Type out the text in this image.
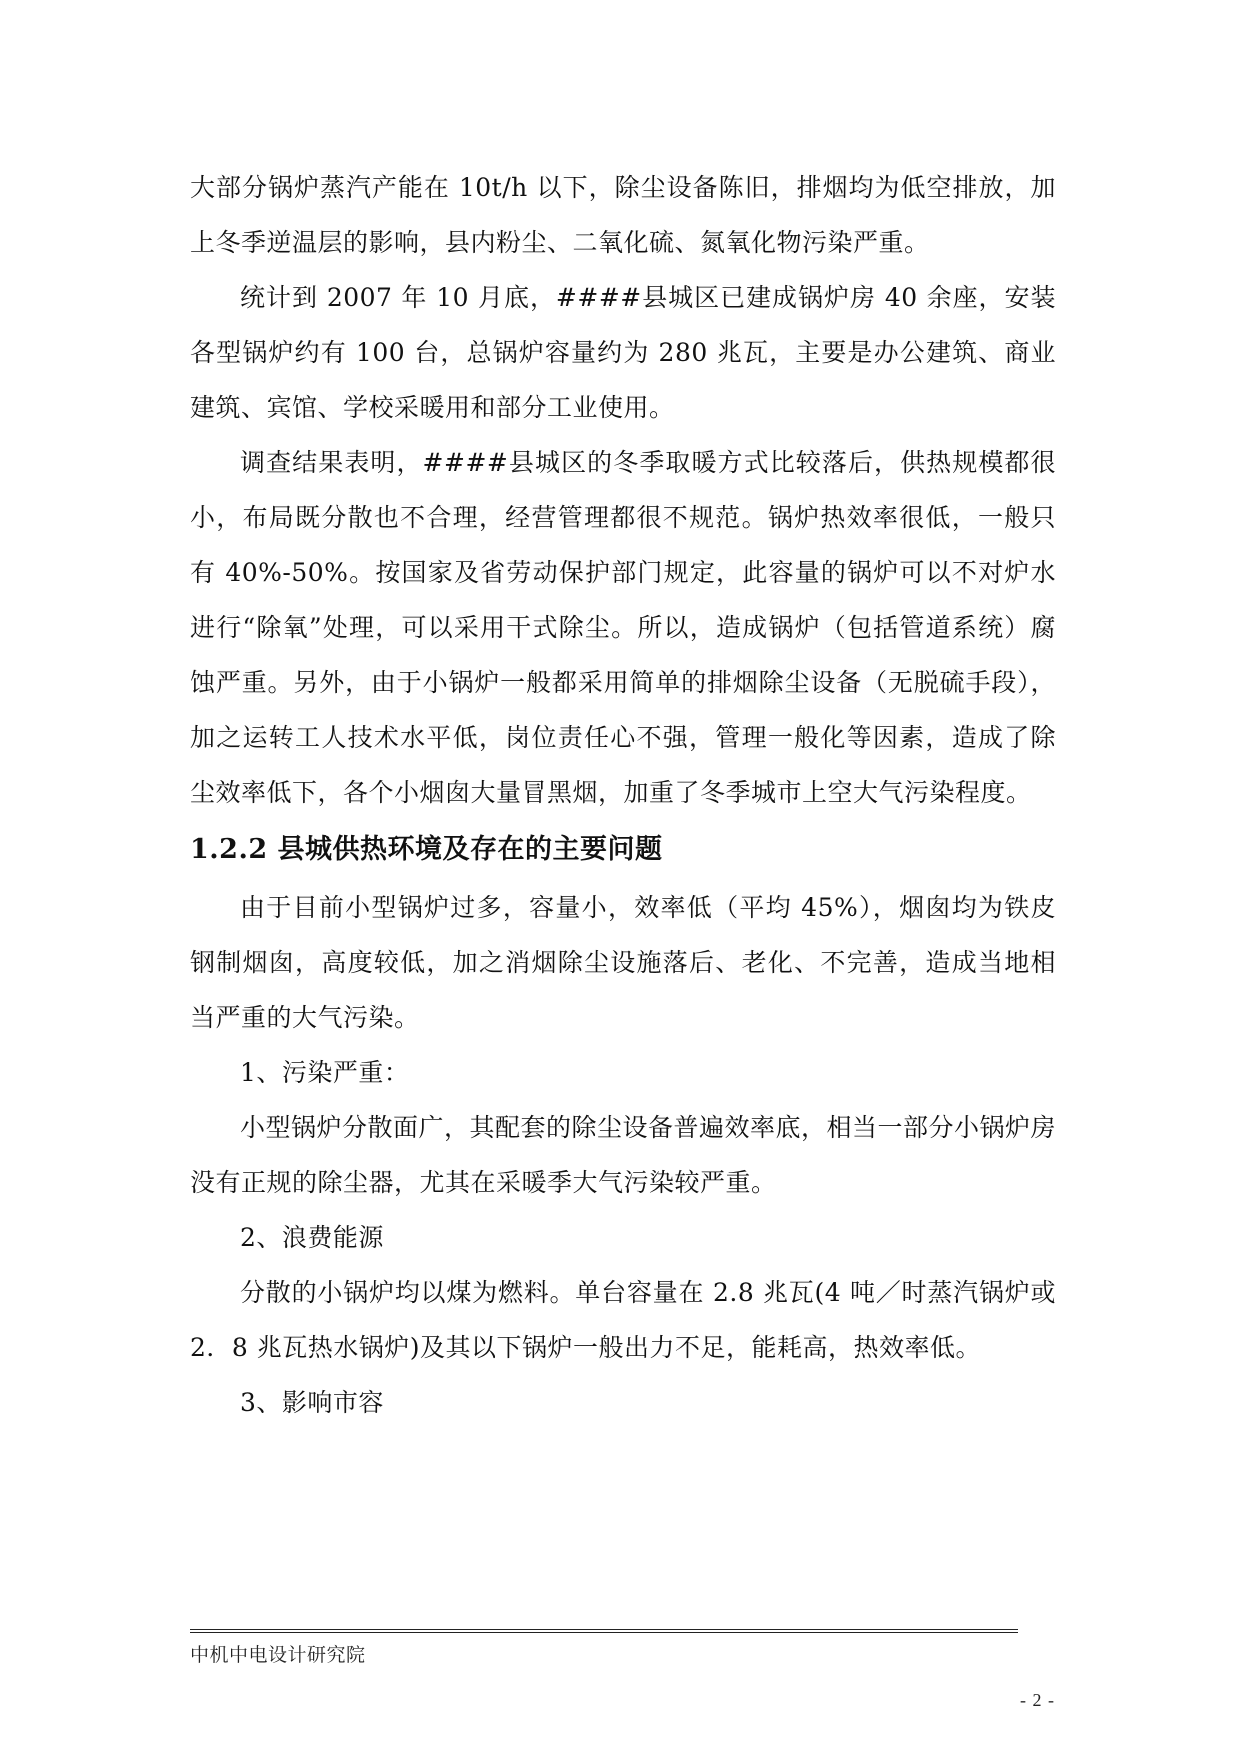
大部分锅炉蒸汽产能在 10t/h 以下，除尘设备陈旧，排烟均为低空排放，加上冬季逆温层的影响，县内粉尘、二氧化硫、氮氧化物污染严重。

统计到 2007 年 10 月底，####县城区已建成锅炉房 40 余座，安装各型锅炉约有 100 台，总锅炉容量约为 280 兆瓦，主要是办公建筑、商业建筑、宾馆、学校采暖用和部分工业使用。

调查结果表明，####县城区的冬季取暖方式比较落后，供热规模都很小，布局既分散也不合理，经营管理都很不规范。锅炉热效率很低，一般只有 40%-50%。按国家及省劳动保护部门规定，此容量的锅炉可以不对炉水进行“除氧”处理，可以采用干式除尘。所以，造成锅炉（包括管道系统）腐蚀严重。另外，由于小锅炉一般都采用简单的排烟除尘设备（无脱硫手段），加之运转工人技术水平低，岗位责任心不强，管理一般化等因素，造成了除尘效率低下，各个小烟囱大量冒黑烟，加重了冬季城市上空大气污染程度。

1.2.2 县城供热环境及存在的主要问题

由于目前小型锅炉过多，容量小，效率低（平均 45%），烟囱均为铁皮钢制烟囱，高度较低，加之消烟除尘设施落后、老化、不完善，造成当地相当严重的大气污染。

1、污染严重：

小型锅炉分散面广，其配套的除尘设备普遍效率底，相当一部分小锅炉房没有正规的除尘器，尤其在采暖季大气污染较严重。

2、浪费能源

分散的小锅炉均以煤为燃料。单台容量在 2.8 兆瓦(4 吨／时蒸汽锅炉或 2．8 兆瓦热水锅炉)及其以下锅炉一般出力不足，能耗高，热效率低。

3、影响市容

中机中电设计研究院
- 2 -
